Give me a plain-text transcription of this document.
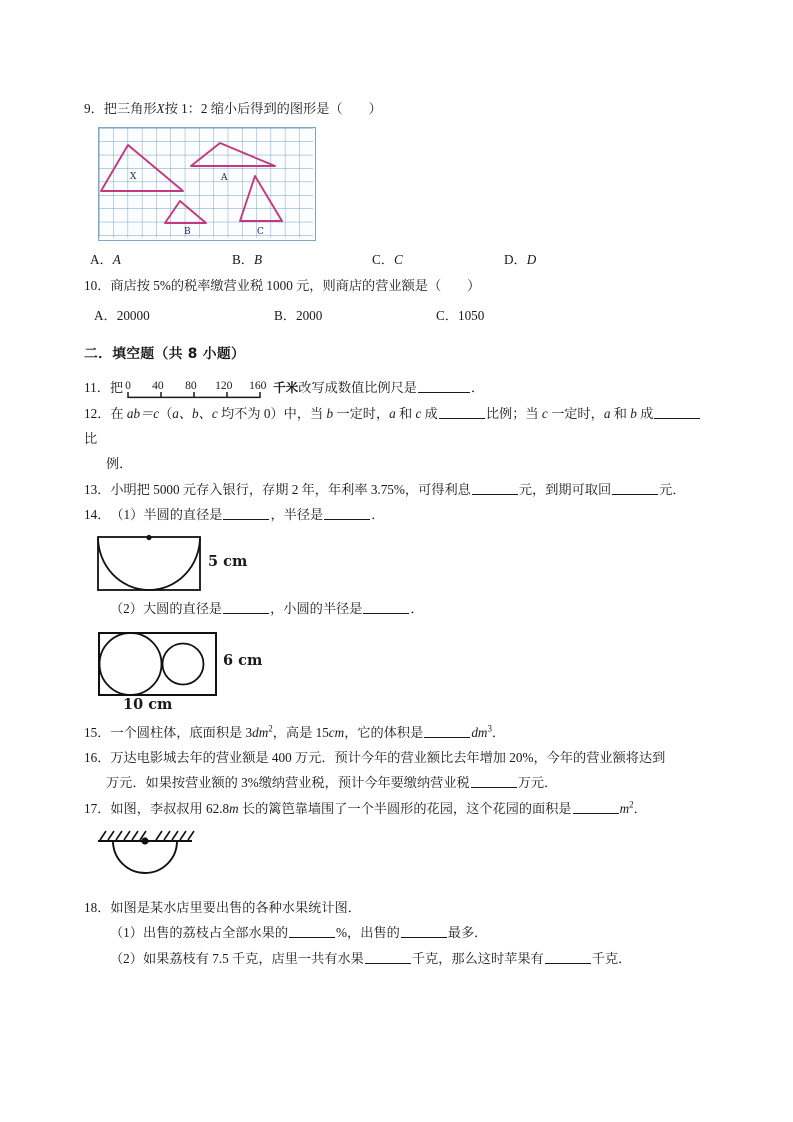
9．把三角形X按 1：2 缩小后得到的图形是（ ）
X	A
B	C
A．A	B．B	C．C	D．D
10．商店按 5%的税率缴营业税 1000 元，则商店的营业额是（ ）
A．20000	B．2000	C．1050
二．填空题（共 8 小题）
11．把 0 40 80 120 160 千米改写成数值比例尺是	．
12．在 ab＝c（a、b、c 均不为 0）中，当 b 一定时，a 和 c 成	比例；当 c 一定时，a 和 b 成比
例．
13．小明把 5000 元存入银行，存期 2 年，年利率 3.75%，可得利息	元，到期可取回	元．
14．（1）半圆的直径是	，半径是	．
5 cm
（2）大圆的直径是	，小圆的半径是	．
6 cm
10 cm
15．一个圆柱体，底面积是 $3dm^2$，高是 15cm，它的体积是	$dm^3$．
16．万达电影城去年的营业额是 400 万元．预计今年的营业额比去年增加 20%，今年的营业额将达到
万元．如果按营业额的 3%缴纳营业税，预计今年要缴纳营业税	万元．
17．如图，李叔叔用 62.8m 长的篱笆靠墙围了一个半圆形的花园，这个花园的面积是	$m^2$．
18．如图是某水店里要出售的各种水果统计图．
（1）出售的荔枝占全部水果的	%，出售的	最多．
（2）如果荔枝有 7.5 千克，店里一共有水果	千克，那么这时苹果有	千克．
